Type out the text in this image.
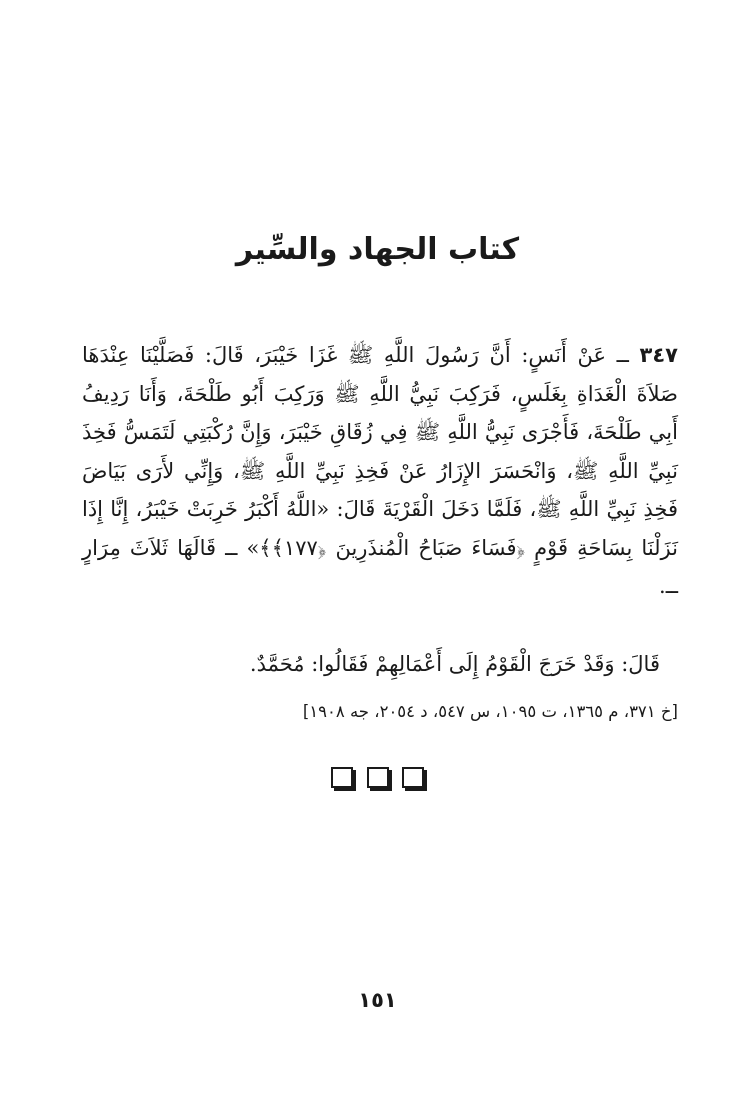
كتاب الجهاد والسِّير
٣٤٧ ــ عَنْ أَنَسٍ: أَنَّ رَسُولَ اللَّهِ ﷺ غَزَا خَيْبَرَ، قَالَ: فَصَلَّيْنَا عِنْدَهَا صَلاَةَ الْغَدَاةِ بِغَلَسٍ، فَرَكِبَ نَبِيُّ اللَّهِ ﷺ وَرَكِبَ أَبُو طَلْحَةَ، وَأَنَا رَدِيفُ أَبِي طَلْحَةَ، فَأَجْرَى نَبِيُّ اللَّهِ ﷺ فِي زُقَاقِ خَيْبَرَ، وَإِنَّ رُكْبَتِي لَتَمَسُّ فَخِذَ نَبِيِّ اللَّهِ ﷺ، وَانْحَسَرَ الإِزَارُ عَنْ فَخِذِ نَبِيِّ اللَّهِ ﷺ، وَإِنِّي لأَرَى بَيَاضَ فَخِذِ نَبِيِّ اللَّهِ ﷺ، فَلَمَّا دَخَلَ الْقَرْيَةَ قَالَ: «اللَّهُ أَكْبَرُ خَرِبَتْ خَيْبَرُ، إِنَّا إِذَا نَزَلْنَا بِسَاحَةِ قَوْمٍ ﴿فَسَاءَ صَبَاحُ الْمُنذَرِينَ ﴿١٧٧﴾﴾» ــ قَالَهَا ثَلاَثَ مِرَارٍ ــ.
قَالَ: وَقَدْ خَرَجَ الْقَوْمُ إِلَى أَعْمَالِهِمْ فَقَالُوا: مُحَمَّدٌ.
[خ ٣٧١، م ١٣٦٥، ت ١٠٩٥، س ٥٤٧، د ٢٠٥٤، جه ١٩٠٨]

١٥١
